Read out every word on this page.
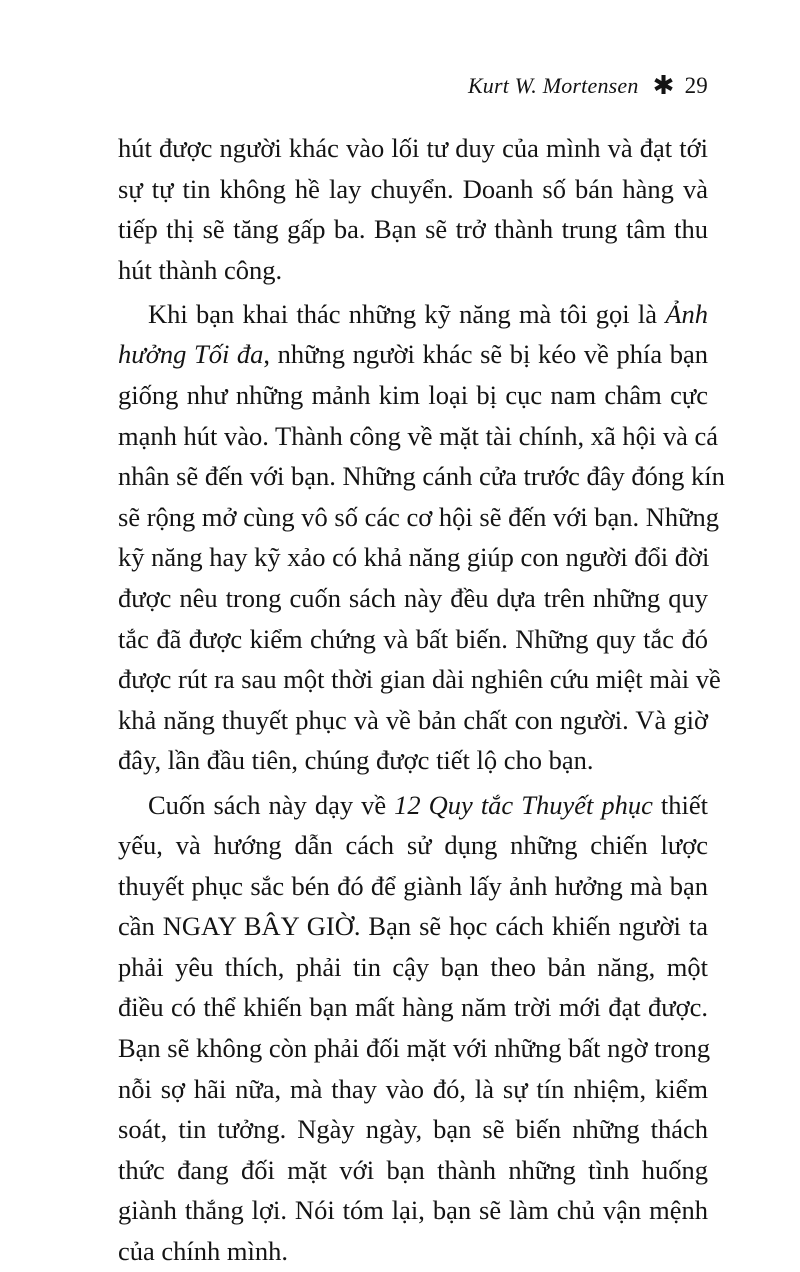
Kurt W. Mortensen ✱ 29
hút được người khác vào lối tư duy của mình và đạt tới
sự tự tin không hề lay chuyển. Doanh số bán hàng và
tiếp thị sẽ tăng gấp ba. Bạn sẽ trở thành trung tâm thu
hút thành công.
Khi bạn khai thác những kỹ năng mà tôi gọi là Ảnh
hưởng Tối đa, những người khác sẽ bị kéo về phía bạn
giống như những mảnh kim loại bị cục nam châm cực
mạnh hút vào. Thành công về mặt tài chính, xã hội và cá
nhân sẽ đến với bạn. Những cánh cửa trước đây đóng kín
sẽ rộng mở cùng vô số các cơ hội sẽ đến với bạn. Những
kỹ năng hay kỹ xảo có khả năng giúp con người đổi đời
được nêu trong cuốn sách này đều dựa trên những quy
tắc đã được kiểm chứng và bất biến. Những quy tắc đó
được rút ra sau một thời gian dài nghiên cứu miệt mài về
khả năng thuyết phục và về bản chất con người. Và giờ
đây, lần đầu tiên, chúng được tiết lộ cho bạn.
Cuốn sách này dạy về 12 Quy tắc Thuyết phục thiết
yếu, và hướng dẫn cách sử dụng những chiến lược
thuyết phục sắc bén đó để giành lấy ảnh hưởng mà bạn
cần NGAY BÂY GIỜ. Bạn sẽ học cách khiến người ta
phải yêu thích, phải tin cậy bạn theo bản năng, một
điều có thể khiến bạn mất hàng năm trời mới đạt được.
Bạn sẽ không còn phải đối mặt với những bất ngờ trong
nỗi sợ hãi nữa, mà thay vào đó, là sự tín nhiệm, kiểm
soát, tin tưởng. Ngày ngày, bạn sẽ biến những thách
thức đang đối mặt với bạn thành những tình huống
giành thắng lợi. Nói tóm lại, bạn sẽ làm chủ vận mệnh
của chính mình.
